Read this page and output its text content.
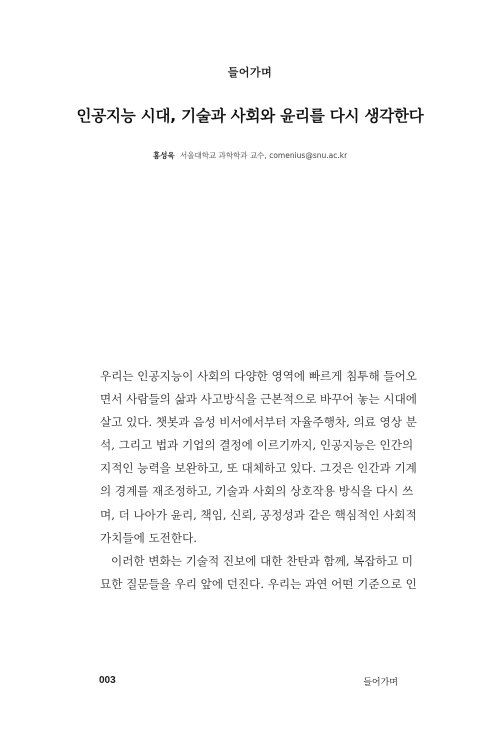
들어가며
인공지능 시대, 기술과 사회와 윤리를 다시 생각한다
홍성욱 서울대학교 과학학과 교수, comenius@snu.ac.kr
우리는 인공지능이 사회의 다양한 영역에 빠르게 침투해 들어오
면서 사람들의 삶과 사고방식을 근본적으로 바꾸어 놓는 시대에
살고 있다. 챗봇과 음성 비서에서부터 자율주행차, 의료 영상 분
석, 그리고 법과 기업의 결정에 이르기까지, 인공지능은 인간의
지적인 능력을 보완하고, 또 대체하고 있다. 그것은 인간과 기계
의 경계를 재조정하고, 기술과 사회의 상호작용 방식을 다시 쓰
며, 더 나아가 윤리, 책임, 신뢰, 공정성과 같은 핵심적인 사회적
가치들에 도전한다.
이러한 변화는 기술적 진보에 대한 찬탄과 함께, 복잡하고 미
묘한 질문들을 우리 앞에 던진다. 우리는 과연 어떤 기준으로 인
003	들어가며
